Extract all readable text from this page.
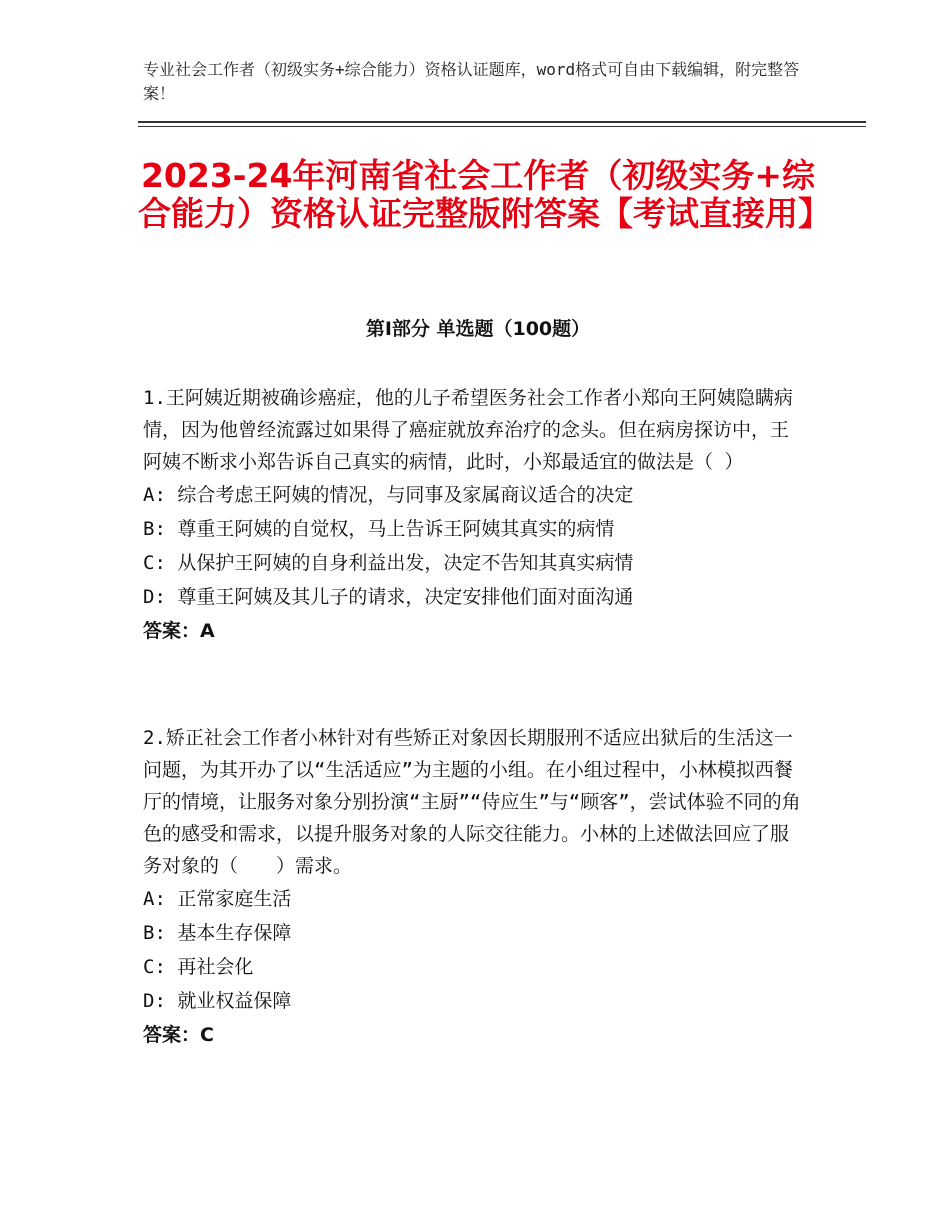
专业社会工作者（初级实务+综合能力）资格认证题库，word格式可自由下载编辑，附完整答案！
2023-24年河南省社会工作者（初级实务+综合能力）资格认证完整版附答案【考试直接用】
第Ⅰ部分 单选题（100题）

1.王阿姨近期被确诊癌症，他的儿子希望医务社会工作者小郑向王阿姨隐瞒病情，因为他曾经流露过如果得了癌症就放弃治疗的念头。但在病房探访中，王阿姨不断求小郑告诉自己真实的病情，此时，小郑最适宜的做法是（ ）

A: 综合考虑王阿姨的情况，与同事及家属商议适合的决定

B: 尊重王阿姨的自觉权，马上告诉王阿姨其真实的病情

C: 从保护王阿姨的自身利益出发，决定不告知其真实病情

D: 尊重王阿姨及其儿子的请求，决定安排他们面对面沟通

答案：A

2.矫正社会工作者小林针对有些矫正对象因长期服刑不适应出狱后的生活这一问题，为其开办了以“生活适应”为主题的小组。在小组过程中，小林模拟西餐厅的情境，让服务对象分别扮演“主厨”“侍应生”与“顾客”，尝试体验不同的角色的感受和需求，以提升服务对象的人际交往能力。小林的上述做法回应了服务对象的（　　）需求。

A: 正常家庭生活

B: 基本生存保障

C: 再社会化

D: 就业权益保障

答案：C
